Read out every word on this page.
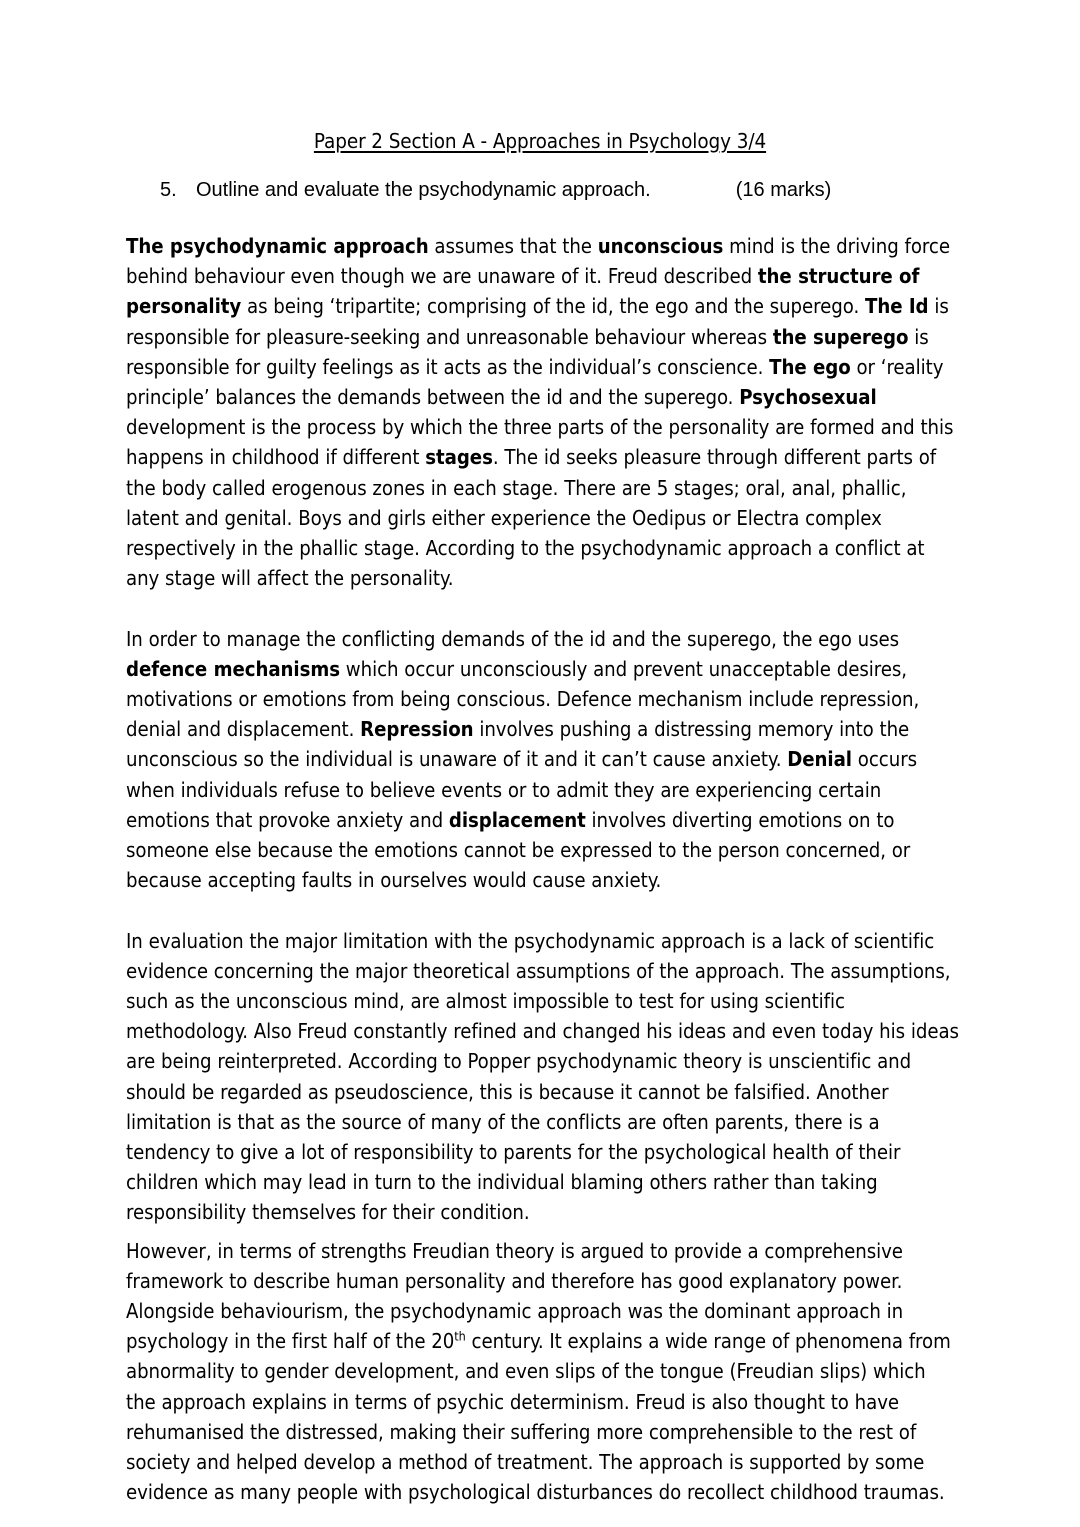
Paper 2 Section A - Approaches in Psychology 3/4
5. Outline and evaluate the psychodynamic approach.	(16 marks)

The psychodynamic approach assumes that the unconscious mind is the driving force behind behaviour even though we are unaware of it. Freud described the structure of personality as being ‘tripartite; comprising of the id, the ego and the superego. The Id is responsible for pleasure-seeking and unreasonable behaviour whereas the superego is responsible for guilty feelings as it acts as the individual’s conscience. The ego or ‘reality principle’ balances the demands between the id and the superego. Psychosexual development is the process by which the three parts of the personality are formed and this happens in childhood if different stages. The id seeks pleasure through different parts of the body called erogenous zones in each stage. There are 5 stages; oral, anal, phallic, latent and genital. Boys and girls either experience the Oedipus or Electra complex respectively in the phallic stage. According to the psychodynamic approach a conflict at any stage will affect the personality.

In order to manage the conflicting demands of the id and the superego, the ego uses defence mechanisms which occur unconsciously and prevent unacceptable desires, motivations or emotions from being conscious. Defence mechanism include repression, denial and displacement. Repression involves pushing a distressing memory into the unconscious so the individual is unaware of it and it can’t cause anxiety. Denial occurs when individuals refuse to believe events or to admit they are experiencing certain emotions that provoke anxiety and displacement involves diverting emotions on to someone else because the emotions cannot be expressed to the person concerned, or because accepting faults in ourselves would cause anxiety.

In evaluation the major limitation with the psychodynamic approach is a lack of scientific evidence concerning the major theoretical assumptions of the approach. The assumptions, such as the unconscious mind, are almost impossible to test for using scientific methodology. Also Freud constantly refined and changed his ideas and even today his ideas are being reinterpreted. According to Popper psychodynamic theory is unscientific and should be regarded as pseudoscience, this is because it cannot be falsified. Another limitation is that as the source of many of the conflicts are often parents, there is a tendency to give a lot of responsibility to parents for the psychological health of their children which may lead in turn to the individual blaming others rather than taking responsibility themselves for their condition.

However, in terms of strengths Freudian theory is argued to provide a comprehensive framework to describe human personality and therefore has good explanatory power. Alongside behaviourism, the psychodynamic approach was the dominant approach in psychology in the first half of the 20th century. It explains a wide range of phenomena from abnormality to gender development, and even slips of the tongue (Freudian slips) which the approach explains in terms of psychic determinism. Freud is also thought to have rehumanised the distressed, making their suffering more comprehensible to the rest of society and helped develop a method of treatment. The approach is supported by some evidence as many people with psychological disturbances do recollect childhood traumas.
